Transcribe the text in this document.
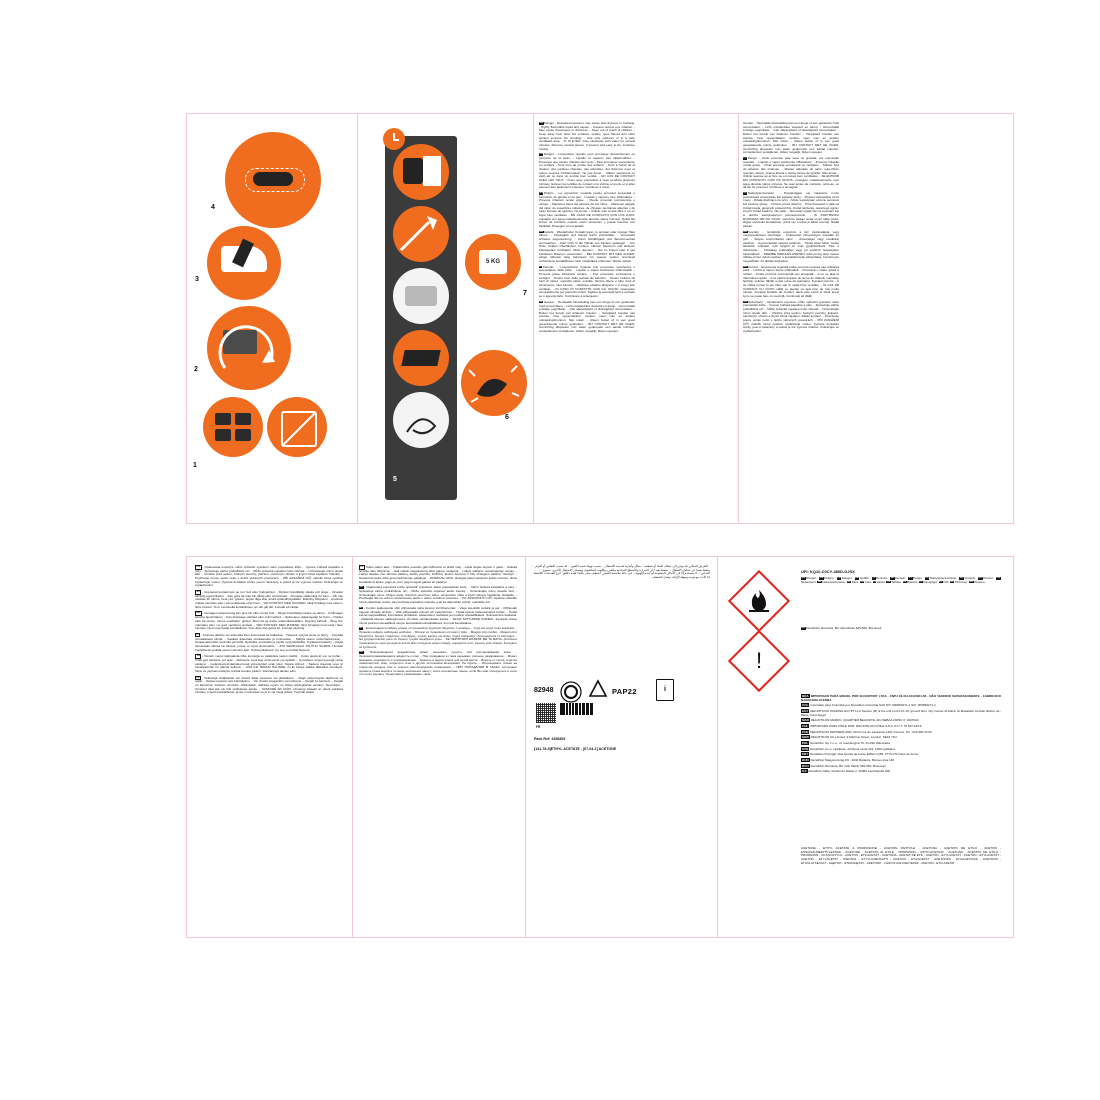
4
3
2
1
5
5 KG
7
6

ENDanger - Repeated exposure may cause skin dryness or cracking. - Highly flammable liquid and vapour. - Causes serious eye irritation. - May cause drowsiness or dizziness. - Keep out of reach of children. - Keep away from heat, hot surfaces, sparks, open flames and other ignition sources. No smoking. - Use only outdoors or in a well-ventilated area. - IF IN EYES: rinse cautiously with water for several minutes. Remove contact lenses, if present and easy to do. Continue rinsing.

FRDanger - L'exposition répétée peut provoquer dessèchement ou gerçures de la peau. - Liquide et vapeurs très inflammables. - Provoque une sévère irritation des yeux. - Peut provoquer somnolence ou vertiges - Tenir hors de portée des enfants. - Tenir à l'écart de la chaleur, des surfaces chaudes, des étincelles, des flammes nues et autres sources d'inflammation. Ne pas fumer. - Utiliser seulement en plein air ou dans un endroit bien ventilé. - EN CAS DE CONTACT AVEC LES YEUX : rincer avec précaution à l'eau pendant plusieurs minutes. Enlever les lentilles de contact si la victime en porte et si elles peuvent être facilement enlevées. Continuer à rincer.

ESPeligro - La exposición repetida puede provocar sequedad o formación de grietas en la piel. - Líquido y vapores muy inflamables. - Provoca irritación ocular grave. - Puede provocar somnolencia o vértigo. - Mantener fuera del alcance de los niños. - Mantener alejado del calor, de superficies calientes, de chispas, las llamas abiertas y de otras fuentes de ignición. No fumar. - Utilizar sólo al aire libre o en un lugar bien ventilado. - EN CASO DE CONTACTO CON LOS OJOS: enjuagar con agua cuidadosamente durante varios minutos. Quitar las lentes de contacto cuando estén presentes y pueda hacerse con facilidad. Proseguir con el lavado.

DEGefahr - Wiederholter Kontakt kann zu spröder oder rissiger Haut führen. - Flüssigkeit und Dampf leicht entzündbar. - Verursacht schwere Augenreizung. - Kann Schläfrigkeit und Benommenheit verursachen. - Darf nicht in die Hände von Kindern gelangen. - Von Hitze, heißen Oberflächen, Funken, offenen Flammen und anderen Zündquellen fernhalten. Nicht rauchen. - Nur im Freien oder in gut belüfteten Räumen verwenden. - BEI KONTAKT MIT DEN AUGEN: einige Minuten lang behutsam mit wasser spülen. Eventuell vorhandene kontaktlinsen nach möglichkeit entfernen. Weiter spülen.

ITPericolo - L'esposizione ripetuta può provocare secchezza o screpolature della pelle. - Liquido e vapori facilmente infiammabili. - Provoca grave irritazione oculare. - Può provocare sonnolenza o vertigini. - Tenere fuori dalla portata dei bambini. - Tenere lontano da fonti di calore, superfici calde, scintille, fiamme libere o altre fonti di accensione. Non fumare. - Utilizzare soltanto all'aperto o in luogo ben ventilato. - IN CASO DI CONTATTO CON GLI OCCHI: sciacquare accuratamente per parecchi minuti. Togliere le eventuali lenti a contatto se è agevole farlo. Continuare a sciacquare.

NLGevaar. - Herhaalde blootstelling kan een droge of een gebarsten huid veroorzaken. - Licht ontvlambare vloeistof en damp. - Veroorzaakt ernstige oogirritatie. - Kan slaperigheid of duizeligheid veroorzaken. - Buiten het bereik van kinderen houden. - Verwijderd houden van warmte, hete oppervlakken, vonken, open vuur en andere ontstekingsbronnen. Niet roken. - Alleen buiten of in een goed geventileerde ruimte gebruiken. - BIJ CONTACT MET DE OGEN: voorzichtig afspoelen met water gedurende een aantal minuten; contactlenzen verwijderen, indien mogelijk; blijven spoelen.

Gevaar. - Herhaalde blootstelling kan een droge of een gebarsten huid veroorzaken. - Licht ontvlambare vloeistof en damp. - Veroorzaakt ernstige oogirritatie. - Kan slaperigheid of duizeligheid veroorzaken. - Buiten het bereik van kinderen houden. - Verwijderd houden van warmte, hete oppervlakken, vonken, open vuur en andere ontstekingsbronnen. Niet roken. - Alleen buiten of in een goed geventileerde ruimte gebruiken. - BIJ CONTACT MET DE OGEN: voorzichtig afspoelen met water gedurende een aantal minuten; contactlenzen verwijderen, indien mogelijk; blijven spoelen.

PTPerigo. - Pode provocar pele seca ou gretada, por exposição repetida. - Líquido e vapor facilmente inflamáveis. - Provoca irritação ocular grave. - Pode provocar sonolência ou vertigens. - Manter fora do alcance das crianças. - Manter afastado do calor, superfícies quentes, faísca, chama aberta e outras fontes de ignição. Não fumar. - Utilizar apenas ao ar livre ou em locais bem ventilados. - SE ENTRAR EM CONTACTO COM OS OLHOS: enxaguar cuidadosamente com água durante vários minutos. Se usar lentes de contacto, retire-as, se tal lhe for possível. Continue a enxaguar.

PLNiebezpieczeństwo. - Powtarzające się narażenie może powodować wysuszanie lub pękanie skóry. - Wysoce łatwopalna ciecz i pary. - Działa drażniąco na oczy. - Może wywoływać uczucie senności lub zawroty głowy. - Chronić przed dziećmi. - Przechowywać z dala od źródeł ciepła, gorących powierzchni, źródeł iskrzenia, otwartego ognia i innych źródeł zapłonu. Nie palić. - Stosować wyłącznie na zewnątrz lub w dobrze wentylowanym pomieszczeniu. - W PRZYPADKU DOSTANIA SIĘ DO OCZU: ostrożnie płukać wodą przez kilka minut. Wyjąć soczewki kontaktowe, jeżeli są i można je łatwo usunąć. Nadal płukać.

HUVeszély. - Ismétlődő expozíció a bőr kiszáradását vagy megrepedezését okozhatja. - Fokozottan tűzveszélyes folyadék és gőz. - Súlyos szemirritációt okoz. - Álmosságot vagy szédülést okozhat. - Gyermekektől elzárva tartandó. - Tartsa távol hőtől, meleg felülettől, szikrától, nyílt lángtól és más gyújtóforrástól. Tilos a dohányzás. - Kizárólag szabadban vagy jól szellőző helyiségben használható. - SZEMBE KERÜLÉS ESETÉN: több percig tartó óvatos öblítés vízzel. Adott esetben a kontaktlencsék eltávolítása, ha könnyen megoldható. Az öblítés folytatása.

ROPericol. - Expunerea repetată poate provoca uscarea sau crăparea pielii. - Lichid şi vapori foarte inflamabili. - Provoacă o iritare gravă a ochilor. - Poate provoca somnolenţă sau ameţeală. - A nu se lăsa la îndemâna copiilor. - A se păstra departe de surse de căldură, suprafeţe fierbinţi, scântei, flăcări şi alte surse de aprindere. Fumatul interzis. - A se utiliza numai în aer liber sau în spaţii bine ventilate. - ÎN CAZ DE CONTACT CU OCHII: clătiţi cu atenţie cu apă timp de mai multe minute. Scoateţi lentilele de contact, dacă este cazul şi dacă acest lucru se poate face cu uşurinţă. Continuaţi să clătiţi.

CSNebezpečí. - Opakovaná expozice může způsobit vysušení nebo popraskání kůže. - Vysoce hořlavá kapalina a páry. - Způsobuje vážné podráždění očí. - Může způsobit ospalost nebo závratě. - Uchovávejte mimo dosah dětí. - Chraňte před teplem, horkými povrchy, jiskrami, otevřeným ohněm a jinými zdroji zapálení. Zákaz kouření. - Používejte pouze venku nebo v dobře větraných prostorách. - PŘI ZASAŽENÍ OČÍ: několik minut opatrně vyplachujte vodou. Vyjměte kontaktní čočky, jsou-li nasazeny a pokud je lze vyjmout snadno. Pokračujte ve vyplachování.

CS - Opakovaná expozice může způsobit vysušení nebo popraskání kůže. - Vysoce hořlavá kapalina a páry. - Způsobuje vážné podráždění očí. - Může způsobit ospalost nebo závratě. - Uchovávejte mimo dosah dětí. - Chraňte před teplem, horkými povrchy, jiskrami, otevřeným ohněm a jinými zdroji zapálení. Nekuřte. - Používejte pouze venku nebo v dobře větraných prostorách. - PŘI ZASAŽENÍ OČÍ: několik minut opatrně vyplachujte vodou. Vyjměte kontaktní čočky, jsou-li nasazeny a pokud je lze vyjmout snadno. Pokračujte ve vyplachování.

SV - Upprepad kontakt kan ge torr hud eller hudsprickor. - Mycket brandfarlig vätska och ånga. - Orsakar allvarlig ögonirritation. - Kan göra att man blir dåsig eller omtöcknad. - Förvaras oåtkomligt för barn. - Får inte utsättas för värme, heta ytor, gnistor, öppen låga eller andra antändningskällor. Rökning förbjuden. - Används endast utomhus eller i väl ventilerade utrymmen. - VID KONTAKT MED ÖGONEN: skölj försiktigt med vatten i flera minuter. Ta ur eventuella kontaktlinser om det går lätt. Fortsätt att skölja.

DA - Gentagen eksponering kan give tør eller revnet hud. - Meget brandfarlig væske og damp. - Forårsager alvorlig øjenirritation. - Kan forårsage sløvhed eller svimmelhed. - Opbevares utilgængeligt for børn. - Holdes væk fra varme, varme overflader, gnister, åben ild og andre antændelseskilder. Rygning forbudt. - Brug kun udendørs eller i et godt ventileret område. - VED KONTAKT MED ØJNENE: Skyl forsigtigt med vand i flere minutter. Fjern eventuelle kontaktlinser, hvis dette kan gøres let. Fortsæt skylning.

FI - Toistuva altistus voi aiheuttaa ihon kuivumista tai halkeilua. - Helposti syttyvä neste ja höyry. - Ärsyttää voimakkaasti silmiä. - Saattaa aiheuttaa uneliaisuutta ja huimausta. - Säilytä lasten ulottumattomissa. - Suojaa lämmöltä, kuumilta pinnoilta, kipinöiltä, avotulelta ja muilta sytytyslähteiltä. Tupakointi kielletty. - Käytä ainoastaan ulkona tai tiloissa, joissa on hyvä ilmanvaihto. - JOS KEMIKAALIA JOUTUU SILMIIN: Huuhdo huolellisesti vedellä usean minuutin ajan. Poista piilolinssit, jos sen voi tehdä helposti.

TR - Tekrarlı maruz kalmalarda ciltte kuruluğa ve çatlaklara neden olabilir. - Kolay alevlenir sıvı ve buhar. - Ciddi göz tahrişine yol açar. - Rehavete veya baş dönmesine yol açabilir. - Çocukların erişemeyeceği yerde saklayın. - Isıdan/kıvılcımdan/alev/sıcak yüzeylerden uzak tutun. Sigara içilmez. - Sadece dışarıda veya iyi havalandırılan bir alanda kullanın. - GÖZ İLE TEMASI HALİNDE: su ile birkaç dakika dikkatlice durulayın. Takılı ve yapması kolaysa, kontak lensleri çıkarın. Durulamaya devam edin.

LV - Vēlreizēja izdalīšanās var izraisīt ādas sausumu vai plaisāšanu. - Viegli uzliesmojošs šķidrums un tvaiki. - Izraisa nopietnu acu kairinājumu. - Var izraisīt miegainību vai reiboņus. - Sargāt no bērniem. - Sargāt no karstuma, karstām virsmām, dzirkstelēm, atklātas uguns un citiem aizdegšanās avotiem. Nesmēķēt. - Izmantot tikai ārā vai labi vēdināmās telpās. - SASKARĒ AR ACĪM: uzmanīgi izskalot ar ūdeni vairākas minūtes. Izņemt kontaktlēcas, ja tās ir ievietotas un ja to var viegli izdarīt. Turpināt skalot.

LT Toliau pilami akis. - Pakartotinis poveikis gali išdžiovinti ar įtrūkti odą. - Labai degūs skystis ir garai. - Sukelia smarkų akių dirginimą. - Gali sukelti mieguistumą arba galvos svaigimą. - Laikyti vaikams neprieinamoje vietoje. - Laikyti atokiau nuo šilumos šaltinių, karštų paviršių, žiežirbų, atviros liepsnos ir kitų uždegimo šaltinių. Nerūkyti. - Naudoti tik lauke arba gerai vėdinamoje patalpoje. - PATEKUS Į AKIS: atsargiai plauti vandeniu kelias minutes. Išimti kontaktinius lęšius, jeigu jie yra ir jeigu lengvai galima tai padaryti.

SK- Opakovaná expozícia môže spôsobiť vysušenie alebo popraskanie kože. - Veľmi horľavá kvapalina a pary. - Spôsobuje vážne podráždenie očí. - Môže spôsobiť ospalosť alebo závraty. - Uchovávajte mimo dosahu detí. - Uchovávajte mimo zdrojov tepla, horúcich povrchov, iskier, otvoreného ohňa a iných zdrojov zapálenia. Nefajčite. - Používajte iba na voľnom priestranstve alebo v dobre vetranom priestore. - PO ZASIAHNUTÍ OČÍ: Opatrne niekoľko minút oplachujte vodou. Ak používate kontaktné šošovky a ak sa dajú ľahko vybrať, odstráňte ich.

ET- Korduv kokkupuude võib põhjustada naha kuivust või lõhenemist. - Väga tuleohtlik vedelik ja aur. - Põhjustab tugevat silmade ärritust. - Võib põhjustada unisust või peapööritust. - Hoida lastele kättesaamatus kohas. - Hoida eemal soojusallikast, kuumadest pindadest, sädemetest, leekidest ja muudest süüteallikatest. Suitsetamine keelatud. - Käidelda üksnes välitingimustes või hästi ventileeritavas kohas. - SILMA SATTUMISE KORRAL: loputada mitme minuti jooksul ettevaatlikult veega. Eemaldada kontaktläätsed, kui neid kasutatakse.

EL- Επανειλημμένη έκθεση μπορεί να προκαλέσει ξηρότητα δέρματος ή σκάσιμο. - Υγρό και ατμοί πολύ εύφλεκτα. - Προκαλεί σοβαρό οφθαλμικό ερεθισμό. - Μπορεί να προκαλέσει υπνηλία ή ζάλη. - Μακριά από παιδιά. - Μακριά από θερμότητα, θερμές επιφάνειες, σπινθήρες, γυμνές φλόγες και άλλες πηγές ανάφλεξης. Απαγορεύεται το κάπνισμα. - Να χρησιμοποιείται μόνο σε ανοικτό ή καλά αεριζόμενο χώρο. - ΣΕ ΠΕΡΙΠΤΩΣΗ ΕΠΑΦΗΣ ΜΕ ΤΑ ΜΑΤΙΑ: ξεπλύνετε προσεκτικά με νερό για αρκετά λεπτά. Εάν υπάρχουν φακοί επαφής, αφαιρέστε τους, εφόσον είναι εύκολο. Συνεχίστε να ξεπλένετε.

RU- Повторяющееся воздействие может вызывать сухость или растрескивание кожи. - Легковоспламеняющаяся жидкость и пар. - При попадании в глаза вызывает сильное раздражение. - Может вызывать сонливость и головокружение. - Хранить в недоступном для детей месте. - Беречь от тепла, горячих поверхностей, искр, открытого огня и других источников возгорания. Не курить. - Использовать только на открытом воздухе или в хорошо вентилируемом помещении. - ПРИ ПОПАДАНИИ В ГЛАЗА: осторожно промыть глаза водой в течение нескольких минут; снять контактные линзы, если Вы ими пользуетесь и если это легко сделать. Продолжить промывание глаза.

- التعرض المتكرر قد يؤدي إلى جفاف الجلد أو تشققه. - سائل وأبخرة شديدة الاشتعال. - يسبب تهيجا شديدا للعين. - قد يسبب النعاس أو الدوار. - يحفظ بعيدا عن متناول الأطفال. - يحفظ بعيدا عن الحرارة والأسطح الساخنة والشرر واللهب المكشوف ومصادر الاشتعال الأخرى. ممنوع التدخين. - لا يستخدم إلا في الأماكن المفتوحة أو جيدة التهوية. - في حالة ملامسة العينين: اشطف بحذر بالماء لعدة دقائق. انزع العدسات اللاصقة إذا كانت موجودة وسهلة الإزالة. واصل الشطف.

82948	PAP22	i
FR
Pack Ref: 4456853
[141-78-9]ETHYL ACETATE - [67-64-1] ACETONE
!
UFI: KQ10-C0CY-480D-DJSX
ENDanger. ESPeligro. FRDanger. DEGefahr. ITPericolo. NLGevaar. PTPerigo. PLNiebezpieczeństwo. HUVeszély. ROPericol. CSNebezpečí. SKNebezpečenstvo. SVFara. DAFare. FIVaara. TRTehlike. LVBīstami. LTPavojinga. ETOht. ELΚίνδυνος. RUОпасно.
RUDecathlon Romania, Bd. Iuliu Maniu 546-560, Bucureşti

BRA IMPORTADO PARA BRASIL POR IGUASPORT LTDA - CNPJ 02.314.041/0021-58 - NÃO VENDIDO SEPARADAMENTE - FABRICADO NA/EM INGLATERRA

COL Importado para Colombia por Decathlon Colombia SAS NIT: 900860271-1 SIC: 900860271-1

EGY DECATHLON TRADING EGYPT LLC Section (B) of the unit no A1-07-10, ground floor, City Center Al-Maza, Al-Mokattam Al-Arab district, AL-Maza, Cairo Egypt

MAR DECATHLON MAROC, QUARTIER BEAUSITE, AIN SEBAA 20250, P. 1007044

CHL IMPORTADO PARA CHILE POR: DECATHLON CHILE S.P.A. R.U.T. 76.507.443-6

CHE DECATHLON SWITZERLAND, 20 bis rue de Lausanne 1201 Genève, Tel : 022 900 32 50

GBR DECATHLON UK Limited, 9 Martime Street, London, SE16 7FU

POL Decathlon Sp. z o.o., ul. Geodezyjna 76, 03-290 Warszawa

SVN Decathlon d.o.o. Ljubljana, Jurčkova cesta 223, 1000 Ljubljana

PRT Decathlon Portugal, Rua Quinta da Fonte Edificio Q56, 2770-071 Paço de Arcos

HUN Decathlon Magyarország Kft., 2040 Budaörs, Baross utca 146

ROU Decathlon Romania, Bd. Iuliu Maniu 546-560, Bucureşti

ITA Decathlon Italia, Via Enrico Mattei 2, 20084 Lacchiarella (MI)

ACETONE - ETHYL ACETATE & PROPANONE - ACETATE D'ETHYLE - ACETONA - ACETATO DE ETILO - ACETON - ESSIGSÄUREETHYLESTER - ACETONE - ACETATO DI ETILE - PROPANON - ETHYLACETAAT - ACETONA - ACETATO DE ETILO - PROPANON - OCTAN ETYLU - ACETON - ETILACETÁT - ACETONA - ACETAT DE ETIL - ACETON - ETYLACETÁT - ACETÓN - ETYLACETÁT - ACETON - ETYLACETAT - ASETONI - ETYYLIASETAATTI - ACETON - ETILACETAT - ACETONAS - ETILACETATAS - ACETOON - ETÜÜLATSETAAT - АЦЕТОН - ЭТИЛАЦЕТАТ - ΑΚΕΤΟΝΗ - ΟΞΙΚΟΣ ΑΙΘΥΛΕΣΤΕΡΑΣ - ΑΣΕΤΟΝ - ΕΤΙΛ ΑΣΕΤΑΤ
